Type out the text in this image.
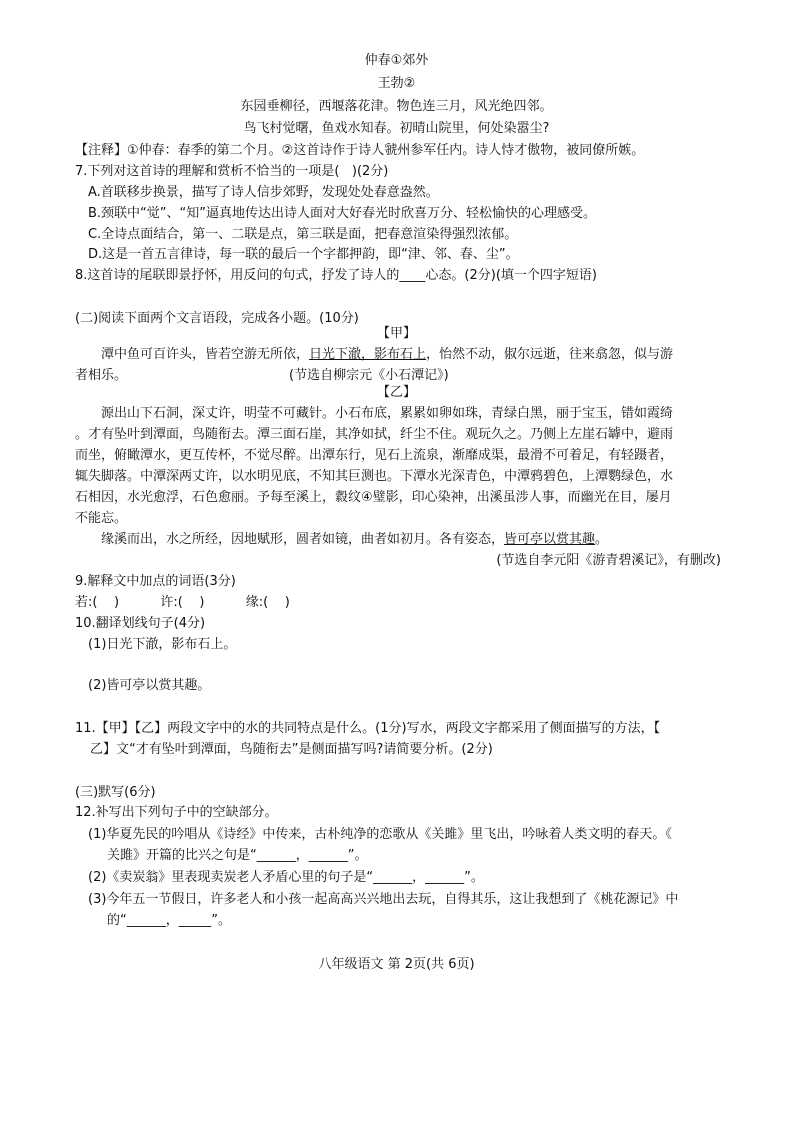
仲春①郊外
王勃②
东园垂柳径，西堰落花津。物色连三月，风光绝四邻。
鸟飞村觉曙，鱼戏水知春。初晴山院里，何处染嚣尘?
【注释】①仲春：春季的第二个月。②这首诗作于诗人虢州参军任内。诗人恃才傲物，被同僚所嫉。
7.下列对这首诗的理解和赏析不恰当的一项是(   )(2分)
A.首联移步换景，描写了诗人信步郊野，发现处处春意盎然。
B.颈联中“觉”、“知”逼真地传达出诗人面对大好春光时欣喜万分、轻松愉快的心理感受。
C.全诗点面结合，第一、二联是点，第三联是面，把春意渲染得强烈浓郁。
D.这是一首五言律诗，每一联的最后一个字都押韵，即“津、邻、春、尘”。
8.这首诗的尾联即景抒怀，用反问的句式，抒发了诗人的____心态。(2分)(填一个四字短语)
(二)阅读下面两个文言语段，完成各小题。(10分)
【甲】
潭中鱼可百许头，皆若空游无所依，日光下澈，影布石上，怡然不动，俶尔远逝，往来翕忽，似与游
者相乐。	(节选自柳宗元《小石潭记》)
【乙】
源出山下石洞，深丈许，明莹不可藏针。小石布底，累累如卵如珠，青绿白黑，丽于宝玉，错如霞绮
。才有坠叶到潭面，鸟随衔去。潭三面石崖，其净如拭，纤尘不住。观玩久之。乃侧上左崖石罅中，避雨
而坐，俯瞰潭水，更互传杯，不觉尽醉。出潭东行，见石上流泉，渐靡成渠，最滑不可着足，有轻蹑者，
辄失脚落。中潭深两丈许，以水明见底，不知其巨测也。下潭水光深青色，中潭鸦碧色，上潭鹦绿色，水
石相因，水光愈浮，石色愈丽。予每至溪上，縠纹④璧影，印心染神，出溪虽涉人事，而幽光在目，屡月
不能忘。
缘溪而出，水之所经，因地赋形，圆者如镜，曲者如初月。各有姿态，皆可亭以赏其趣。
(节选自李元阳《游青碧溪记》，有删改)
9.解释文中加点的词语(3分)
若:(    )          许:(    )          缘:(    )
10.翻译划线句子(4分)
(1)日光下澈，影布石上。
(2)皆可亭以赏其趣。
11.【甲】【乙】两段文字中的水的共同特点是什么。(1分)写水，两段文字都采用了侧面描写的方法，【
乙】文“才有坠叶到潭面，鸟随衔去”是侧面描写吗?请简要分析。(2分)
(三)默写(6分)
12.补写出下列句子中的空缺部分。
(1)华夏先民的吟唱从《诗经》中传来，古朴纯净的恋歌从《关雎》里飞出，吟咏着人类文明的春天。《
关雎》开篇的比兴之句是“______，______”。
(2)《卖炭翁》里表现卖炭老人矛盾心里的句子是“______，______”。
(3)今年五一节假日，许多老人和小孩一起高高兴兴地出去玩，自得其乐，这让我想到了《桃花源记》中
的“______，_____”。
八年级语文 第 2页(共 6页)
